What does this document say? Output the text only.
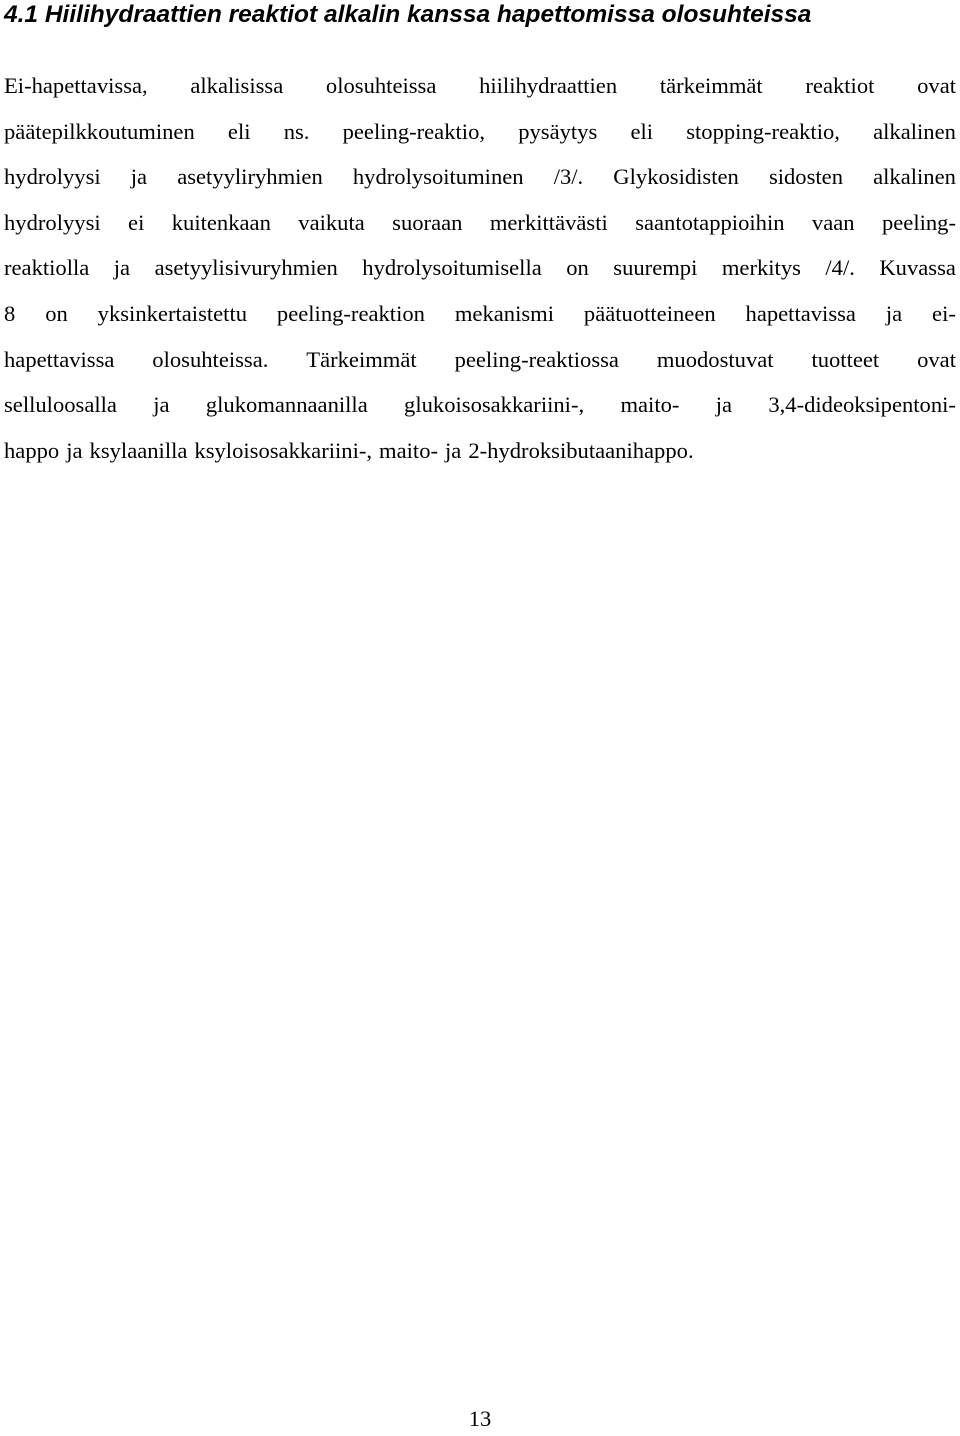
4.1 Hiilihydraattien reaktiot alkalin kanssa hapettomissa olosuhteissa
Ei-hapettavissa, alkalisissa olosuhteissa hiilihydraattien tärkeimmät reaktiot ovat
päätepilkkoutuminen eli ns. peeling-reaktio, pysäytys eli stopping-reaktio, alkalinen
hydrolyysi ja asetyyliryhmien hydrolysoituminen /3/. Glykosidisten sidosten alkalinen
hydrolyysi ei kuitenkaan vaikuta suoraan merkittävästi saantotappioihin vaan peeling-
reaktiolla ja asetyylisivuryhmien hydrolysoitumisella on suurempi merkitys /4/. Kuvassa
8 on yksinkertaistettu peeling-reaktion mekanismi päätuotteineen hapettavissa ja ei-
hapettavissa olosuhteissa. Tärkeimmät peeling-reaktiossa muodostuvat tuotteet ovat
selluloosalla ja glukomannaanilla glukoisosakkariini-, maito- ja 3,4-dideoksipentoni-
happo ja ksylaanilla ksyloisosakkariini-, maito- ja 2-hydroksibutaanihappo.
13
